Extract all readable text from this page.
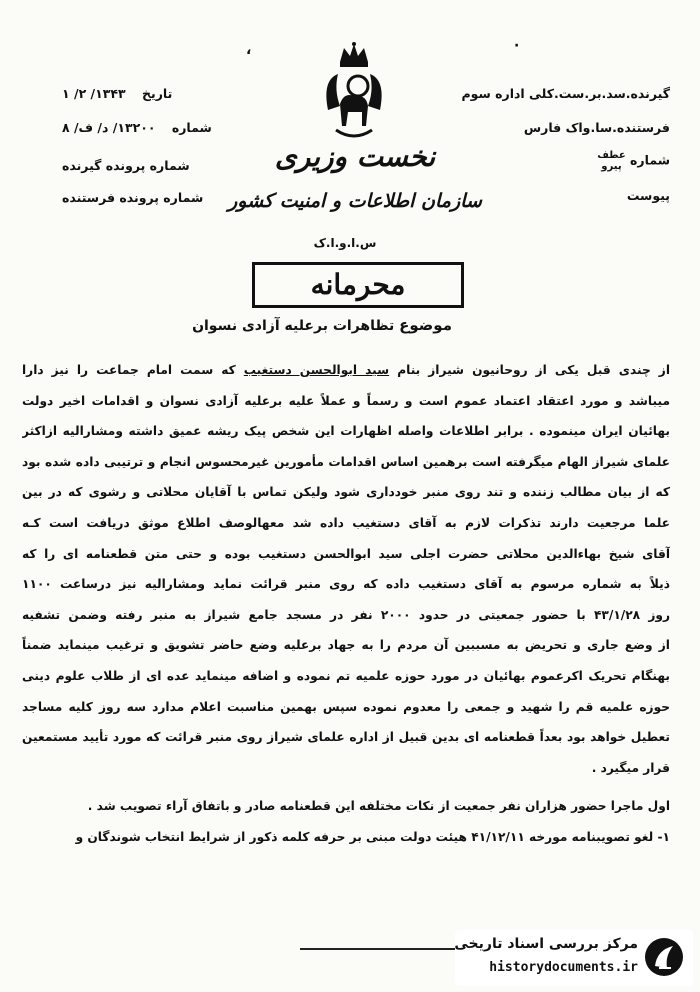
،	·
گیرنده.سد.بر.ست.کلی اداره سوم
فرستنده.سا.واک فارس
شماره عطف
پیرو
پیوست
تاریخ ۱۳۴۳/ ۲/ ۱
شماره ۱۳۲۰۰/ د/ ف/ ۸
شماره پرونده گیرنده
شماره پرونده فرستنده
نخست وزیری
سازمان اطلاعات و امنیت کشور
س.ا.و.ا.ک
محرمانه
موضوع تظاهرات برعلیه آزادی نسوان

از چندی قبل یکی از روحانیون شیراز بنام سید ابوالحسن دستغیب که سمت امام جماعت را نیز دارا

میباشد و مورد اعتقاد اعتماد عموم است و رسماً و عملاً علیه برعلیه آزادی نسوان و اقدامات اخیر دولت

بهائیان ایران مینموده . برابر اطلاعات واصله اظهارات این شخص پیک ریشه عمیق داشته ومشارالیه ازاکثر

علمای شیراز الهام میگرفته است برهمین اساس اقدامات مأمورین غیرمحسوس انجام و ترتیبی داده شده بود

که از بیان مطالب زننده و تند روی منبر خودداری شود ولیکن تماس با آقایان محلاتی و رشوی که در بین

علما مرجعیت دارند تذکرات لازم به آقای دستغیب داده شد معهالوصف اطلاع موثق دریافت است کـه

آقای شیخ بهاءالدین محلاتی حضرت اجلی سید ابوالحسن دستغیب بوده و حتی متن قطعنامه ای را که

ذیلاً به شماره مرسوم به آقای دستغیب داده که روی منبر قرائت نماید ومشارالیه نیز درساعت ۱۱۰۰

روز ۴۳/۱/۲۸ با حضور جمعیتی در حدود ۲۰۰۰ نفر در مسجد جامع شیراز به منبر رفته وضمن تشفیه

از وضع جاری و تحریض به مسببین آن مردم را به جهاد برعلیه وضع حاضر تشویق و ترغیب مینماید ضمناً

بهنگام تحریک اکرعموم بهائیان در مورد حوزه علمیه تم نموده و اضافه مینماید عده ای از طلاب علوم دینی

حوزه علمیه قم را شهید و جمعی را معدوم نموده سپس بهمین مناسبت اعلام مدارد سه روز کلیه مساجد

تعطیل خواهد بود بعداً قطعنامه ای بدین قبیل از اداره علمای شیراز روی منبر قرائت که مورد تأیید مستمعین

قرار میگیرد .

اول ماجرا حضور هزاران نفر جمعیت از نکات مختلفه این قطعنامه صادر و باتفاق آراء تصویب شد .

۱- لغو تصویبنامه مورخه ۴۱/۱۲/۱۱ هیئت دولت مبنی بر حرفه کلمه ذکور از شرایط انتخاب شوندگان و

مرکز بررسی اسناد تاریخی
historydocuments.ir
